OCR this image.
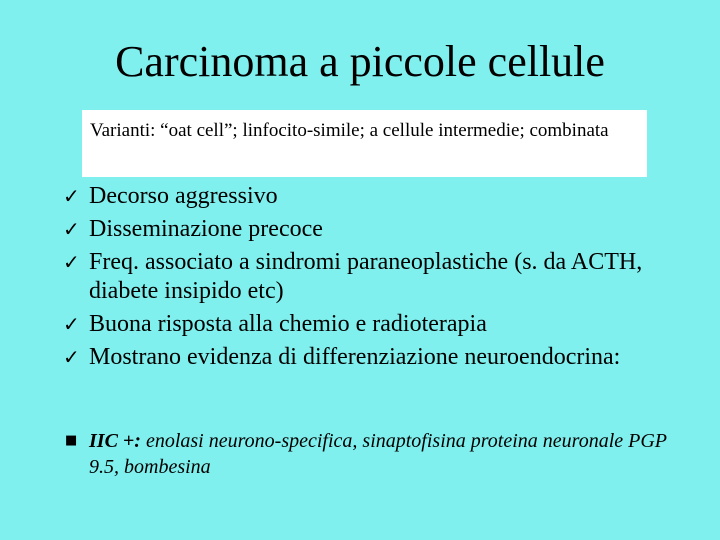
Carcinoma a piccole cellule
Varianti: “oat cell”; linfocito-simile; a cellule intermedie; combinata
✓ Decorso aggressivo
✓ Disseminazione precoce
✓ Freq. associato a sindromi paraneoplastiche (s. da ACTH, diabete insipido etc)
✓ Buona risposta alla chemio e radioterapia
✓ Mostrano evidenza di differenziazione neuroendocrina:
■ IIC +: enolasi neurono-specifica, sinaptofisina proteina neuronale PGP 9.5, bombesina
